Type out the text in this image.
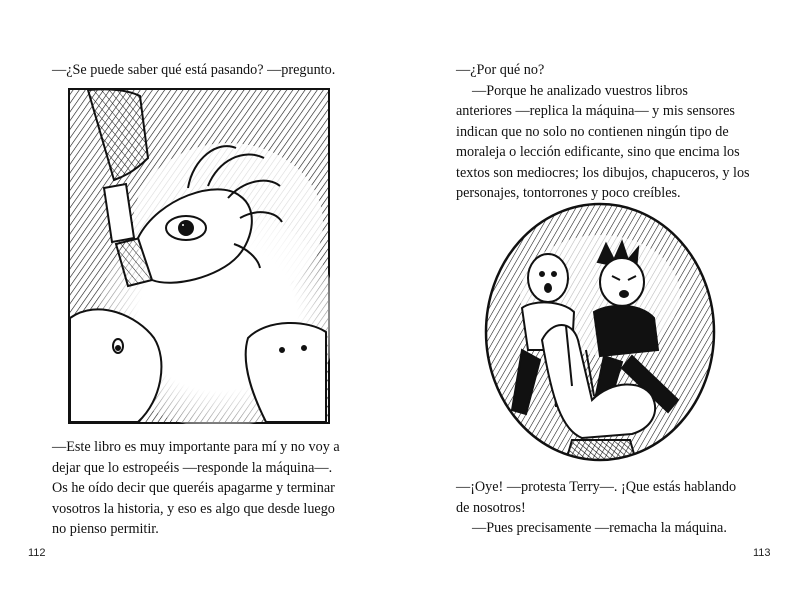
—¿Se puede saber qué está pasando? —pregunto.

—Este libro es muy importante para mí y no voy a

dejar que lo estropeéis —responde la máquina—.

Os he oído decir que queréis apagarme y terminar

vosotros la historia, y eso es algo que desde luego

no pienso permitir.

112

—¿Por qué no?

—Porque he analizado vuestros libros

anteriores —replica la máquina— y mis sensores

indican que no solo no contienen ningún tipo de

moraleja o lección edificante, sino que encima los

textos son mediocres; los dibujos, chapuceros, y los

personajes, tontorrones y poco creíbles.

—¡Oye! —protesta Terry—. ¡Que estás hablando

de nosotros!

—Pues precisamente —remacha la máquina.

113
